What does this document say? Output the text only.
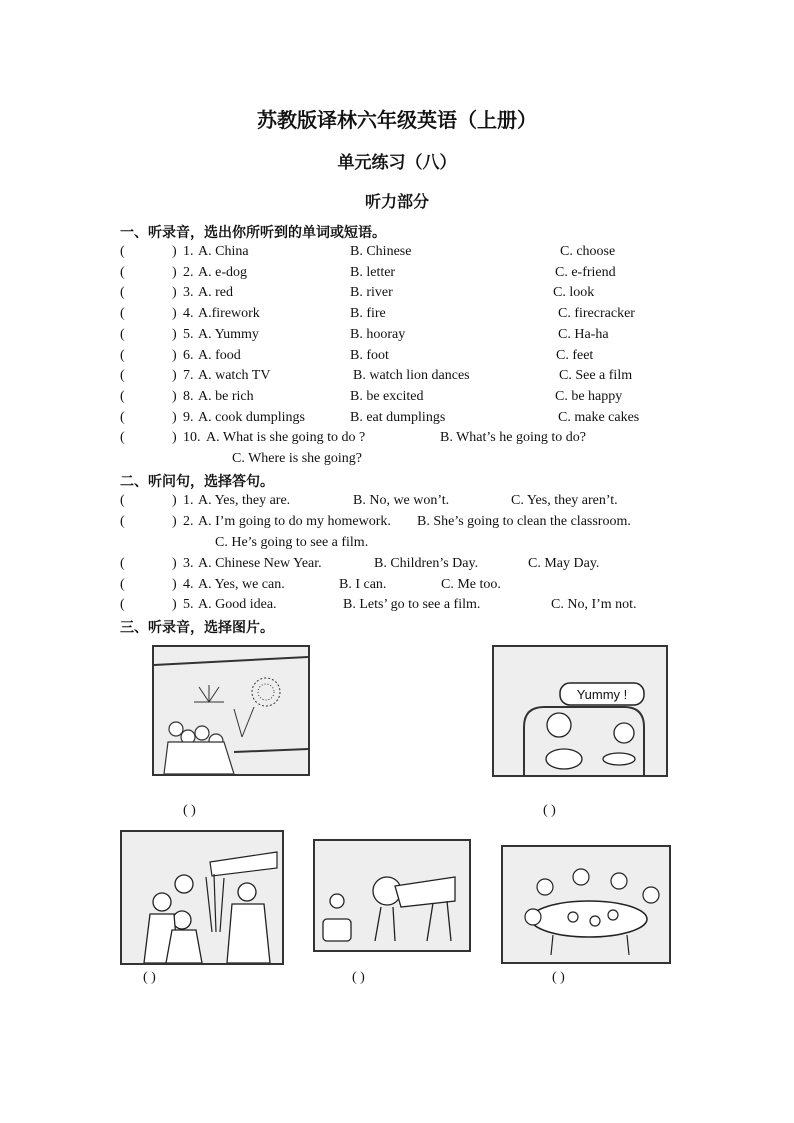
苏教版译林六年级英语（上册）
单元练习（八）
听力部分
一、听录音，选出你所听到的单词或短语。
(	) 1. A. China	B. Chinese	C. choose
(	) 2. A. e-dog	B. letter	C. e-friend
(	) 3. A. red	B. river	C. look
(	) 4. A.firework	B. fire	C. firecracker
(	) 5. A. Yummy	B. hooray	C. Ha-ha
(	) 6. A. food	B. foot	C. feet
(	) 7. A. watch TV	B. watch lion dances	C. See a film
(	) 8. A. be rich	B. be excited	C. be happy
(	) 9. A. cook dumplings	B. eat dumplings	C. make cakes
(	) 10. A. What is she going to do ?	B. What’s he going to do?
C. Where is she going?
二、听问句，选择答句。
(	) 1. A. Yes, they are.	B. No, we won’t.	C. Yes, they aren’t.
(	) 2. A. I’m going to do my homework. B. She’s going to clean the classroom.
C. He’s going to see a film.
(	) 3. A. Chinese New Year.	B. Children’s Day.	C. May Day.
(	) 4. A. Yes, we can.	B. I can.	C. Me too.
(	) 5. A. Good idea.	B. Lets’ go to see a film.	C. No, I’m not.
三、听录音，选择图片。
Yummy !
( )	( )
( )	( )	( )
